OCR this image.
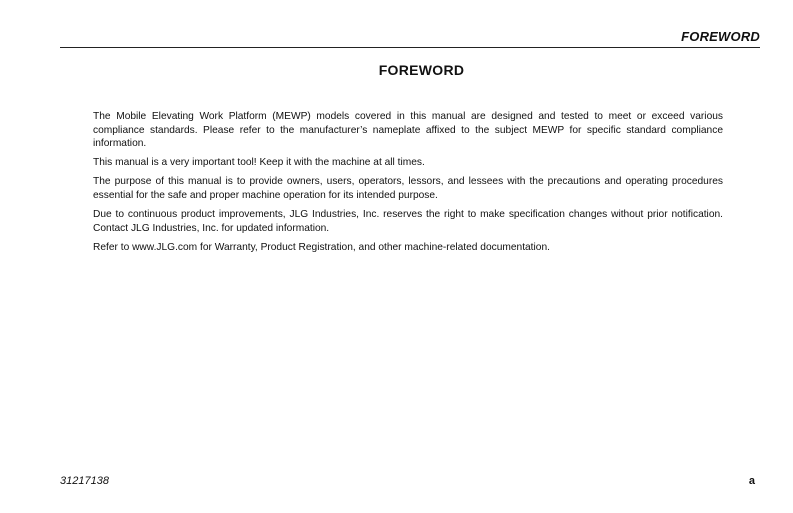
FOREWORD
FOREWORD

The Mobile Elevating Work Platform (MEWP) models covered in this manual are designed and tested to meet or exceed various compliance standards. Please refer to the manufacturer’s nameplate affixed to the subject MEWP for specific standard compliance information.

This manual is a very important tool! Keep it with the machine at all times.

The purpose of this manual is to provide owners, users, operators, lessors, and lessees with the precautions and operating procedures essential for the safe and proper machine operation for its intended purpose.

Due to continuous product improvements, JLG Industries, Inc. reserves the right to make specification changes without prior notification. Contact JLG Industries, Inc. for updated information.

Refer to www.JLG.com for Warranty, Product Registration, and other machine-related documentation.

31217138	a
